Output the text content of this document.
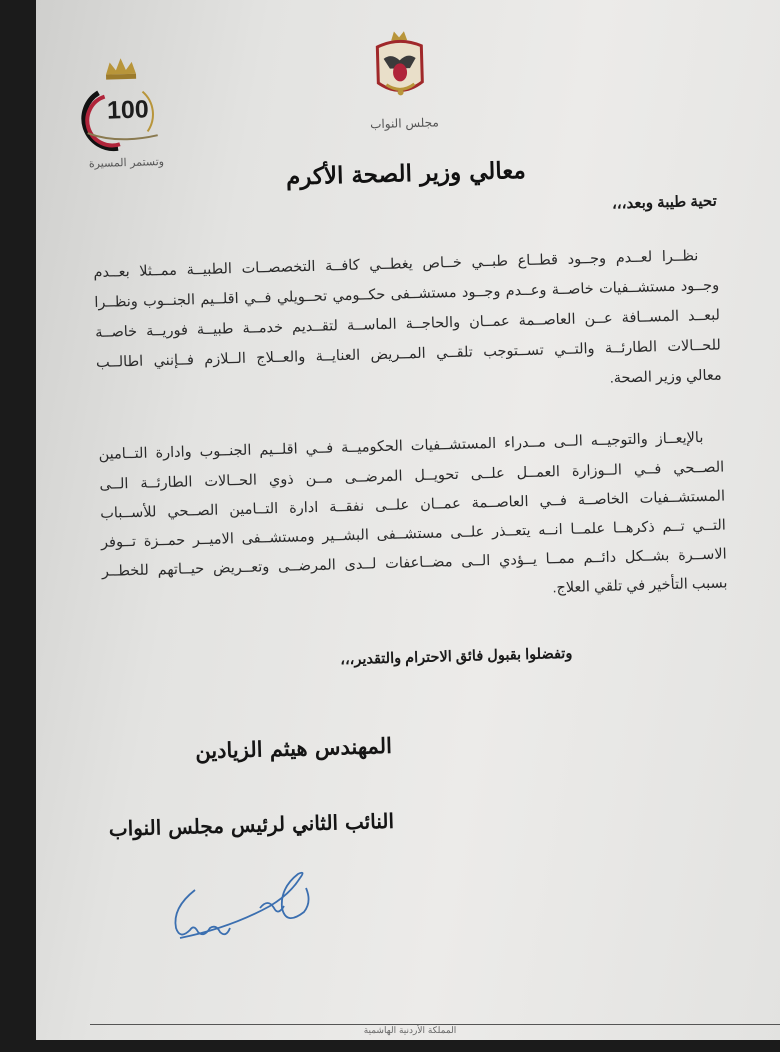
100
وتستمر المسيرة
مجلس النواب
معالي وزير الصحة الأكرم
تحية طيبة وبعد،،،
نظــرا لعــدم وجــود قطــاع طبــي خــاص يغطــي كافــة التخصصــات الطبيــة ممــثلا بعــدم
وجــود مستشــفيات خاصــة وعــدم وجــود مستشــفى حكــومي تحــويلي فــي اقلــيم الجنــوب ونظــرا
لبعــد المســافة عــن العاصــمة عمــان والحاجــة الماســة لتقــديم خدمــة طبيــة فوريــة خاصــة
للحــالات الطارئــة والتــي تســتوجب تلقــي المــريض العنايــة والعــلاج الــلازم فــإنني اطالــب
معالي وزير الصحة.
بالإيعــاز والتوجيــه الــى مــدراء المستشــفيات الحكوميــة فــي اقلــيم الجنــوب وادارة التــامين
الصــحي فــي الــوزارة العمــل علــى تحويــل المرضــى مــن ذوي الحــالات الطارئــة الــى
المستشــفيات الخاصــة فــي العاصــمة عمــان علــى نفقــة ادارة التــامين الصــحي للأســباب
التــي تــم ذكرهــا علمــا انــه يتعــذر علــى مستشــفى البشــير ومستشــفى الاميــر حمــزة تــوفر
الاســرة بشــكل دائــم ممــا يــؤدي الــى مضــاعفات لــدى المرضــى وتعــريض حيــاتهم للخطــر
بسبب التأخير في تلقي العلاج.
وتفضلوا بقبول فائق الاحترام والتقدير،،،
المهندس هيثم الزيادين
النائب الثاني لرئيس مجلس النواب
المملكة الأردنية الهاشمية
